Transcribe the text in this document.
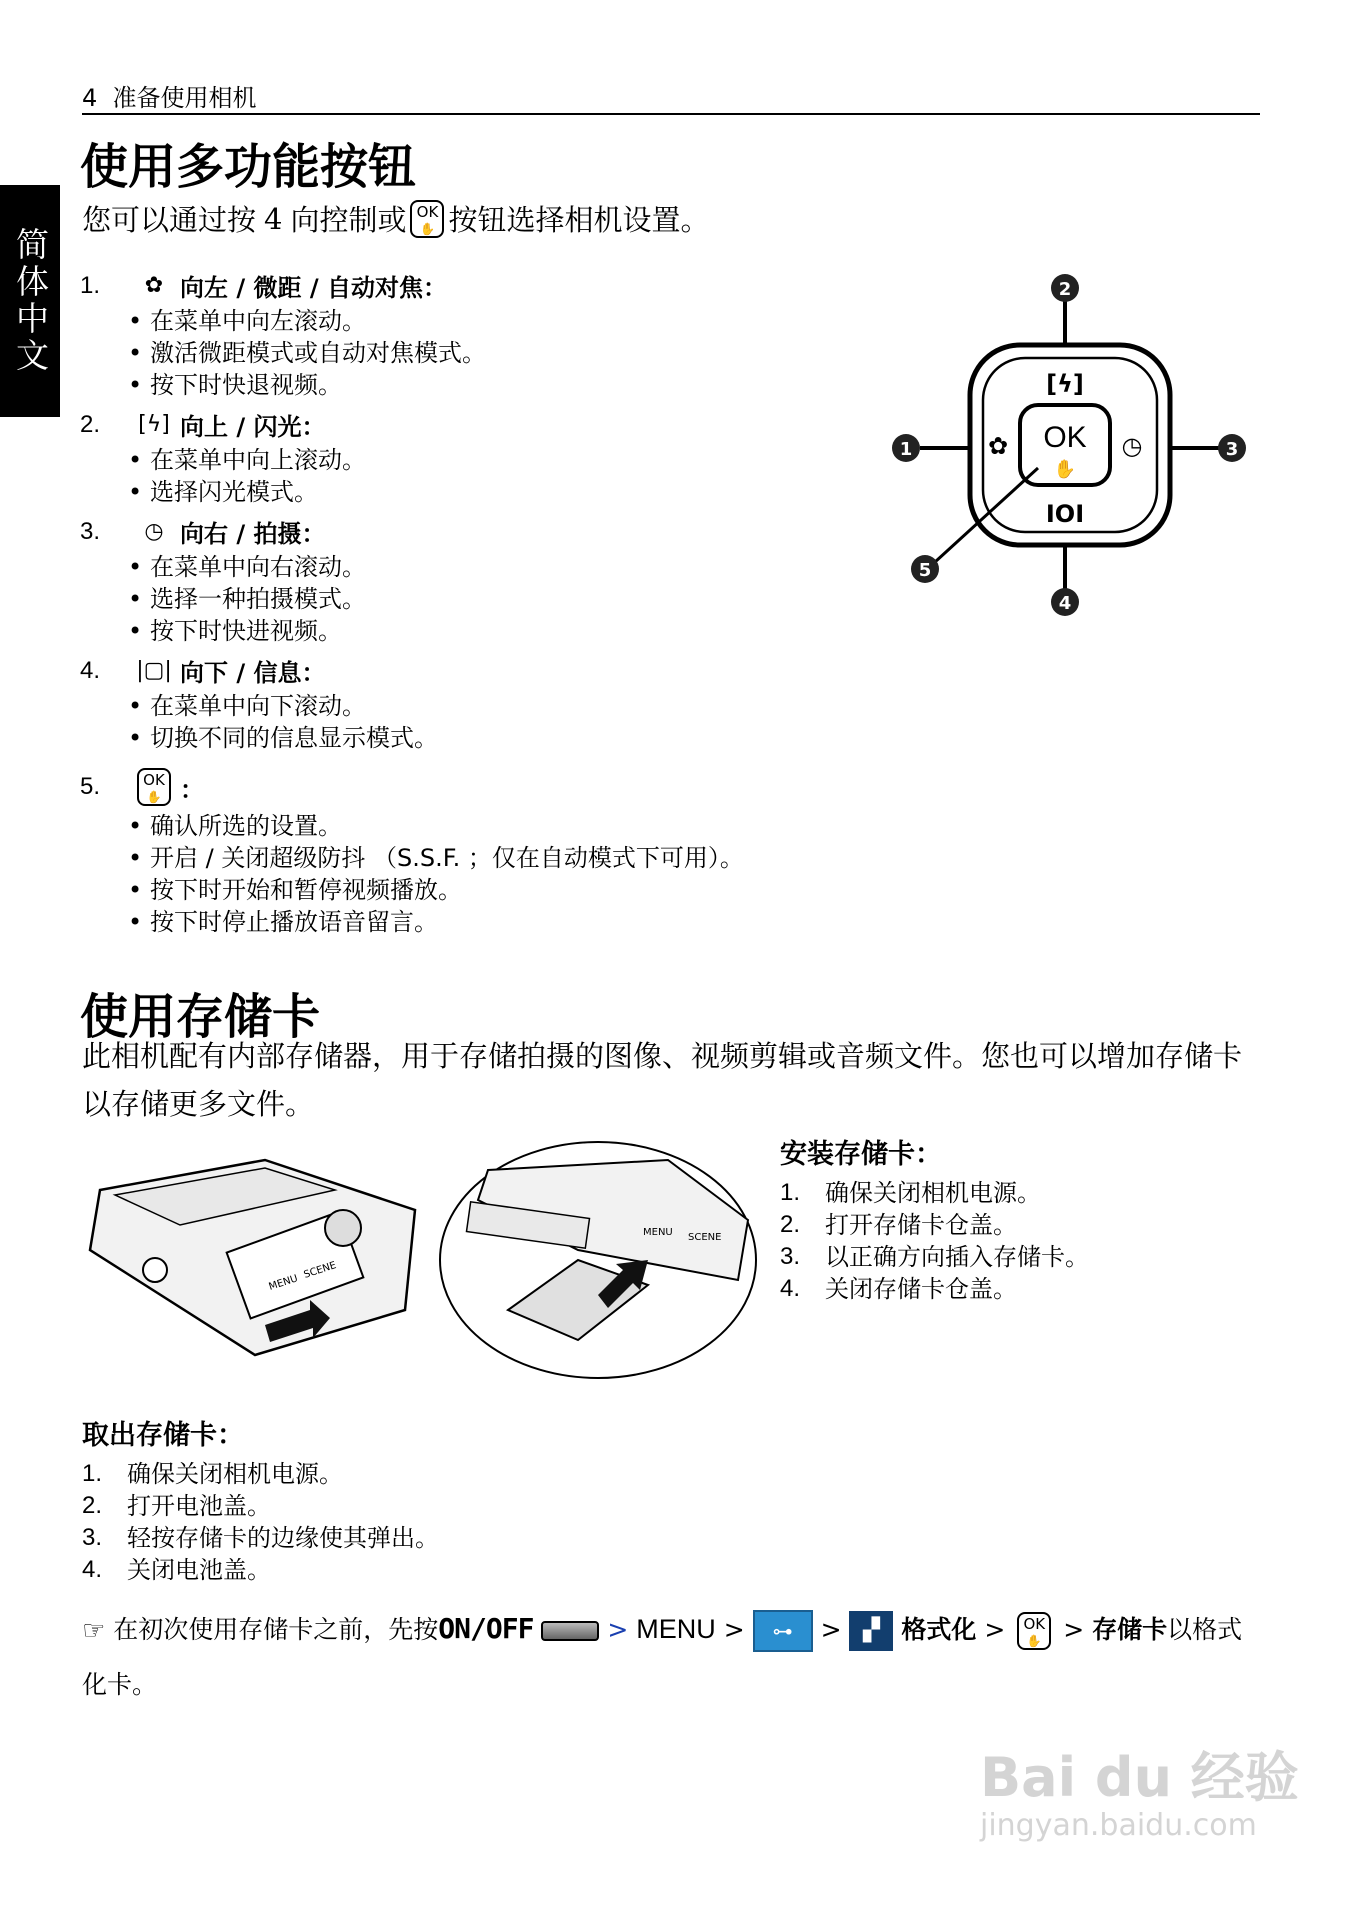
4 准备使用相机
简体中文
使用多功能按钮
您可以通过按 4 向控制或 OK
✋ 按钮选择相机设置。
1.	✿ 向左 / 微距 / 自动对焦：
• 在菜单中向左滚动。
• 激活微距模式或自动对焦模式。
• 按下时快退视频。
2.	[ϟ] 向上 / 闪光：
• 在菜单中向上滚动。
• 选择闪光模式。
3.	◷ 向右 / 拍摄：
• 在菜单中向右滚动。
• 选择一种拍摄模式。
• 按下时快进视频。
4.	|▢| 向下 / 信息：
• 在菜单中向下滚动。
• 切换不同的信息显示模式。
5.	OK
✋ ：
• 确认所选的设置。
• 开启 / 关闭超级防抖 （S.S.F. ；仅在自动模式下可用）。
• 按下时开始和暂停视频播放。
• 按下时停止播放语音留言。
OK
✋
[ϟ]
IOI
✿	◷
2
4
1	3
5
使用存储卡
此相机配有内部存储器，用于存储拍摄的图像、视频剪辑或音频文件。您也可以增加存储卡以存储更多文件。
MENU
SCENE
MENU SCENE
安装存储卡：
1.	确保关闭相机电源。
2.	打开存储卡仓盖。
3.	以正确方向插入存储卡。
4.	关闭存储卡仓盖。
取出存储卡：
1.	确保关闭相机电源。
2.	打开电池盖。
3.	轻按存储卡的边缘使其弹出。
4.	关闭电池盖。
☞ 在初次使用存储卡之前，先按ON/OFF	> MENU > ⊶ > ▞ 格式化 > OK
✋ > 存储卡以格式化卡。
Bai du 经验
jingyan.baidu.com
